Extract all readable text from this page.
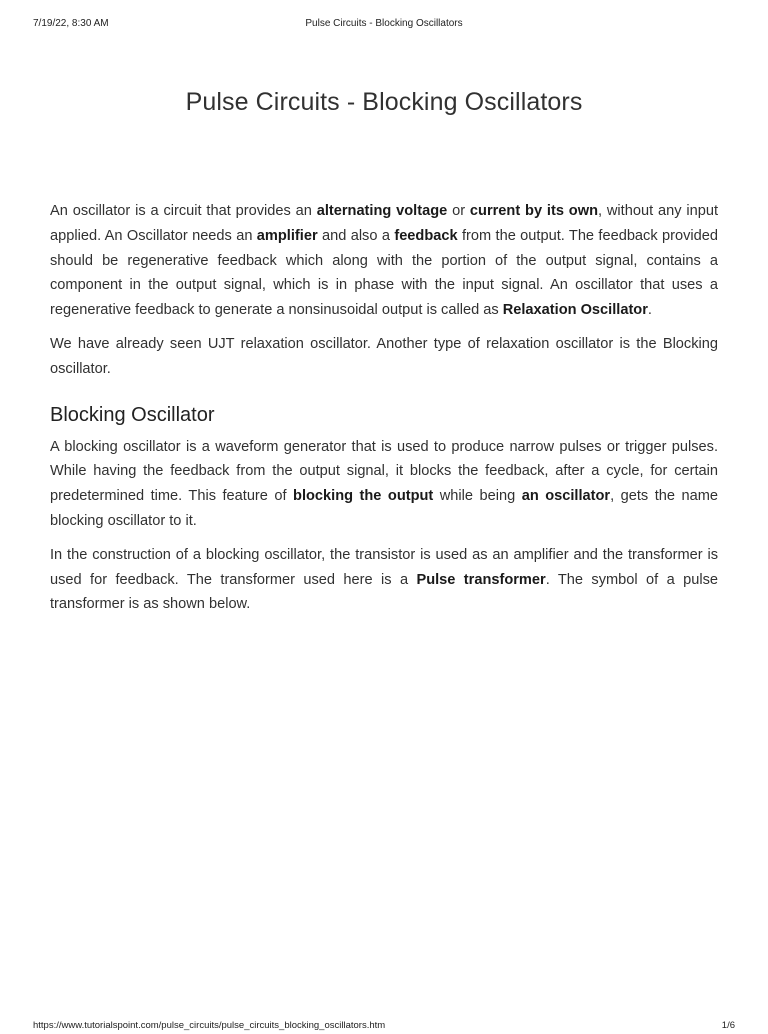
7/19/22, 8:30 AM	Pulse Circuits - Blocking Oscillators
Pulse Circuits - Blocking Oscillators

An oscillator is a circuit that provides an alternating voltage or current by its own, without any input applied. An Oscillator needs an amplifier and also a feedback from the output. The feedback provided should be regenerative feedback which along with the portion of the output signal, contains a component in the output signal, which is in phase with the input signal. An oscillator that uses a regenerative feedback to generate a nonsinusoidal output is called as Relaxation Oscillator.

We have already seen UJT relaxation oscillator. Another type of relaxation oscillator is the Blocking oscillator.

Blocking Oscillator

A blocking oscillator is a waveform generator that is used to produce narrow pulses or trigger pulses. While having the feedback from the output signal, it blocks the feedback, after a cycle, for certain predetermined time. This feature of blocking the output while being an oscillator, gets the name blocking oscillator to it.

In the construction of a blocking oscillator, the transistor is used as an amplifier and the transformer is used for feedback. The transformer used here is a Pulse transformer. The symbol of a pulse transformer is as shown below.

https://www.tutorialspoint.com/pulse_circuits/pulse_circuits_blocking_oscillators.htm	1/6
